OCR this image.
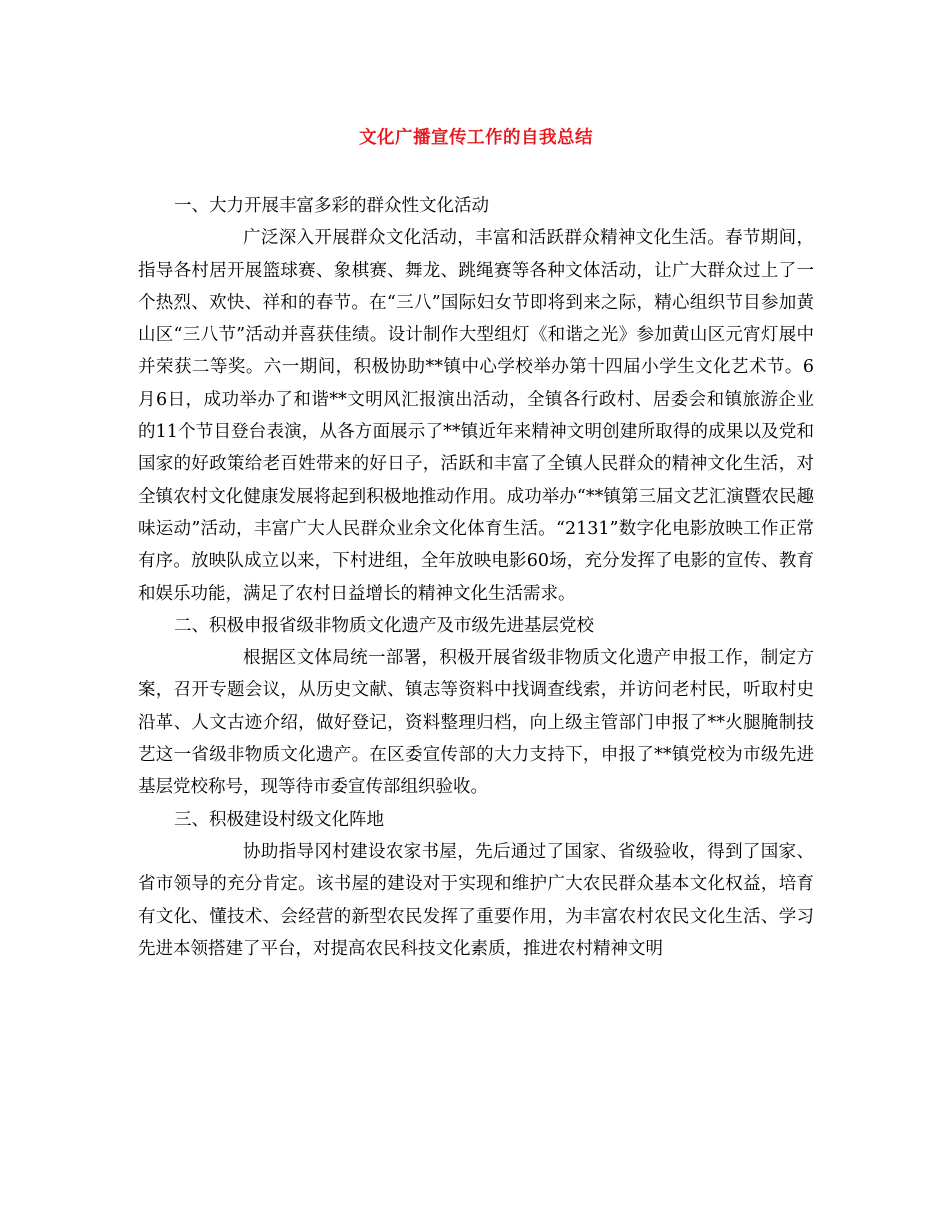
文化广播宣传工作的自我总结

一、大力开展丰富多彩的群众性文化活动

广泛深入开展群众文化活动，丰富和活跃群众精神文化生活。春节期间，指导各村居开展篮球赛、象棋赛、舞龙、跳绳赛等各种文体活动，让广大群众过上了一个热烈、欢快、祥和的春节。在“三八”国际妇女节即将到来之际，精心组织节目参加黄山区“三八节”活动并喜获佳绩。设计制作大型组灯《和谐之光》参加黄山区元宵灯展中并荣获二等奖。六一期间，积极协助**镇中心学校举办第十四届小学生文化艺术节。6月6日，成功举办了和谐**文明风汇报演出活动，全镇各行政村、居委会和镇旅游企业的11个节目登台表演，从各方面展示了**镇近年来精神文明创建所取得的成果以及党和国家的好政策给老百姓带来的好日子，活跃和丰富了全镇人民群众的精神文化生活，对全镇农村文化健康发展将起到积极地推动作用。成功举办“**镇第三届文艺汇演暨农民趣味运动”活动，丰富广大人民群众业余文化体育生活。“2131”数字化电影放映工作正常有序。放映队成立以来，下村进组，全年放映电影60场，充分发挥了电影的宣传、教育和娱乐功能，满足了农村日益增长的精神文化生活需求。

二、积极申报省级非物质文化遗产及市级先进基层党校

根据区文体局统一部署，积极开展省级非物质文化遗产申报工作，制定方案，召开专题会议，从历史文献、镇志等资料中找调查线索，并访问老村民，听取村史沿革、人文古迹介绍，做好登记，资料整理归档，向上级主管部门申报了**火腿腌制技艺这一省级非物质文化遗产。在区委宣传部的大力支持下，申报了**镇党校为市级先进基层党校称号，现等待市委宣传部组织验收。

三、积极建设村级文化阵地

协助指导冈村建设农家书屋，先后通过了国家、省级验收，得到了国家、省市领导的充分肯定。该书屋的建设对于实现和维护广大农民群众基本文化权益，培育有文化、懂技术、会经营的新型农民发挥了重要作用，为丰富农村农民文化生活、学习先进本领搭建了平台，对提高农民科技文化素质，推进农村精神文明
